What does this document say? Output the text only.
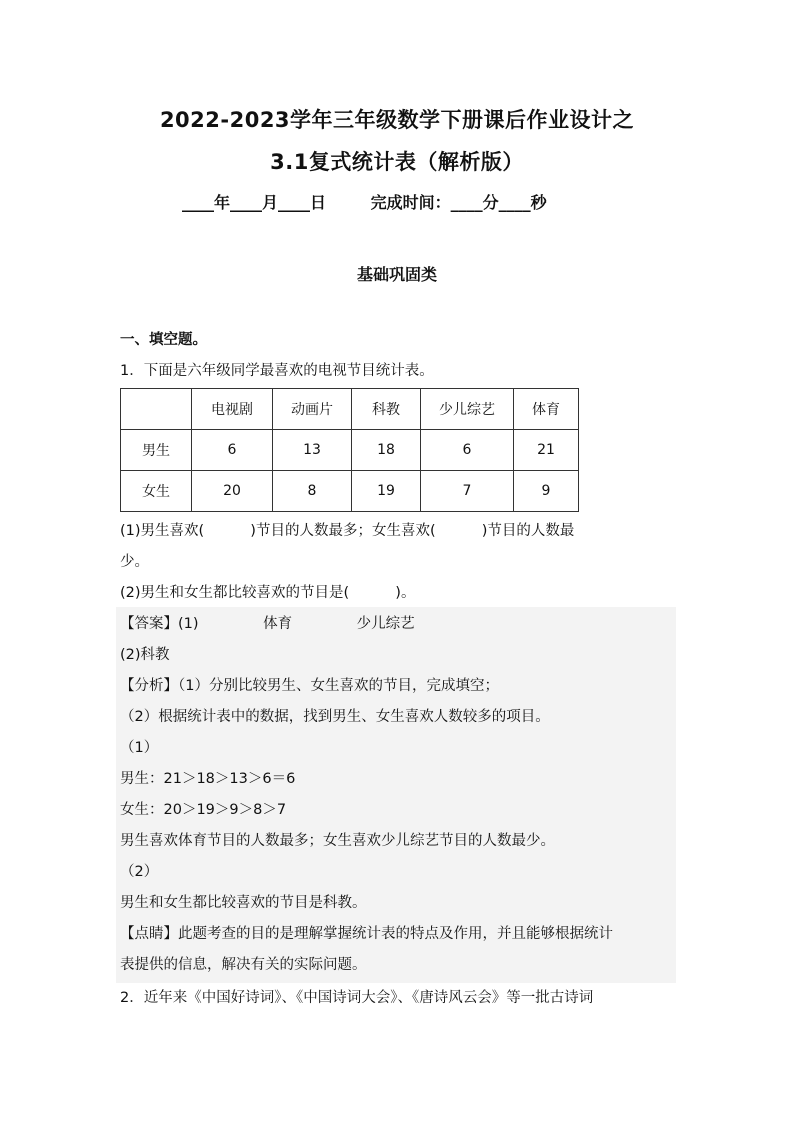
2022-2023学年三年级数学下册课后作业设计之
3.1复式统计表（解析版）
____年____月____日        完成时间：____分____秒
基础巩固类
一、填空题。
1．下面是六年级同学最喜欢的电视节目统计表。
	电视剧	动画片	科教	少儿综艺	体育
男生	6	13	18	6	21
女生	20	8	19	7	9
(1)男生喜欢(          )节目的人数最多；女生喜欢(          )节目的人数最
少。
(2)男生和女生都比较喜欢的节目是(          )。
【答案】(1)              体育              少儿综艺
(2)科教
【分析】（1）分别比较男生、女生喜欢的节目，完成填空；
（2）根据统计表中的数据，找到男生、女生喜欢人数较多的项目。
（1）
男生：21＞18＞13＞6＝6
女生：20＞19＞9＞8＞7
男生喜欢体育节目的人数最多；女生喜欢少儿综艺节目的人数最少。
（2）
男生和女生都比较喜欢的节目是科教。
【点睛】此题考查的目的是理解掌握统计表的特点及作用，并且能够根据统计
表提供的信息，解决有关的实际问题。
2．近年来《中国好诗词》、《中国诗词大会》、《唐诗风云会》等一批古诗词
